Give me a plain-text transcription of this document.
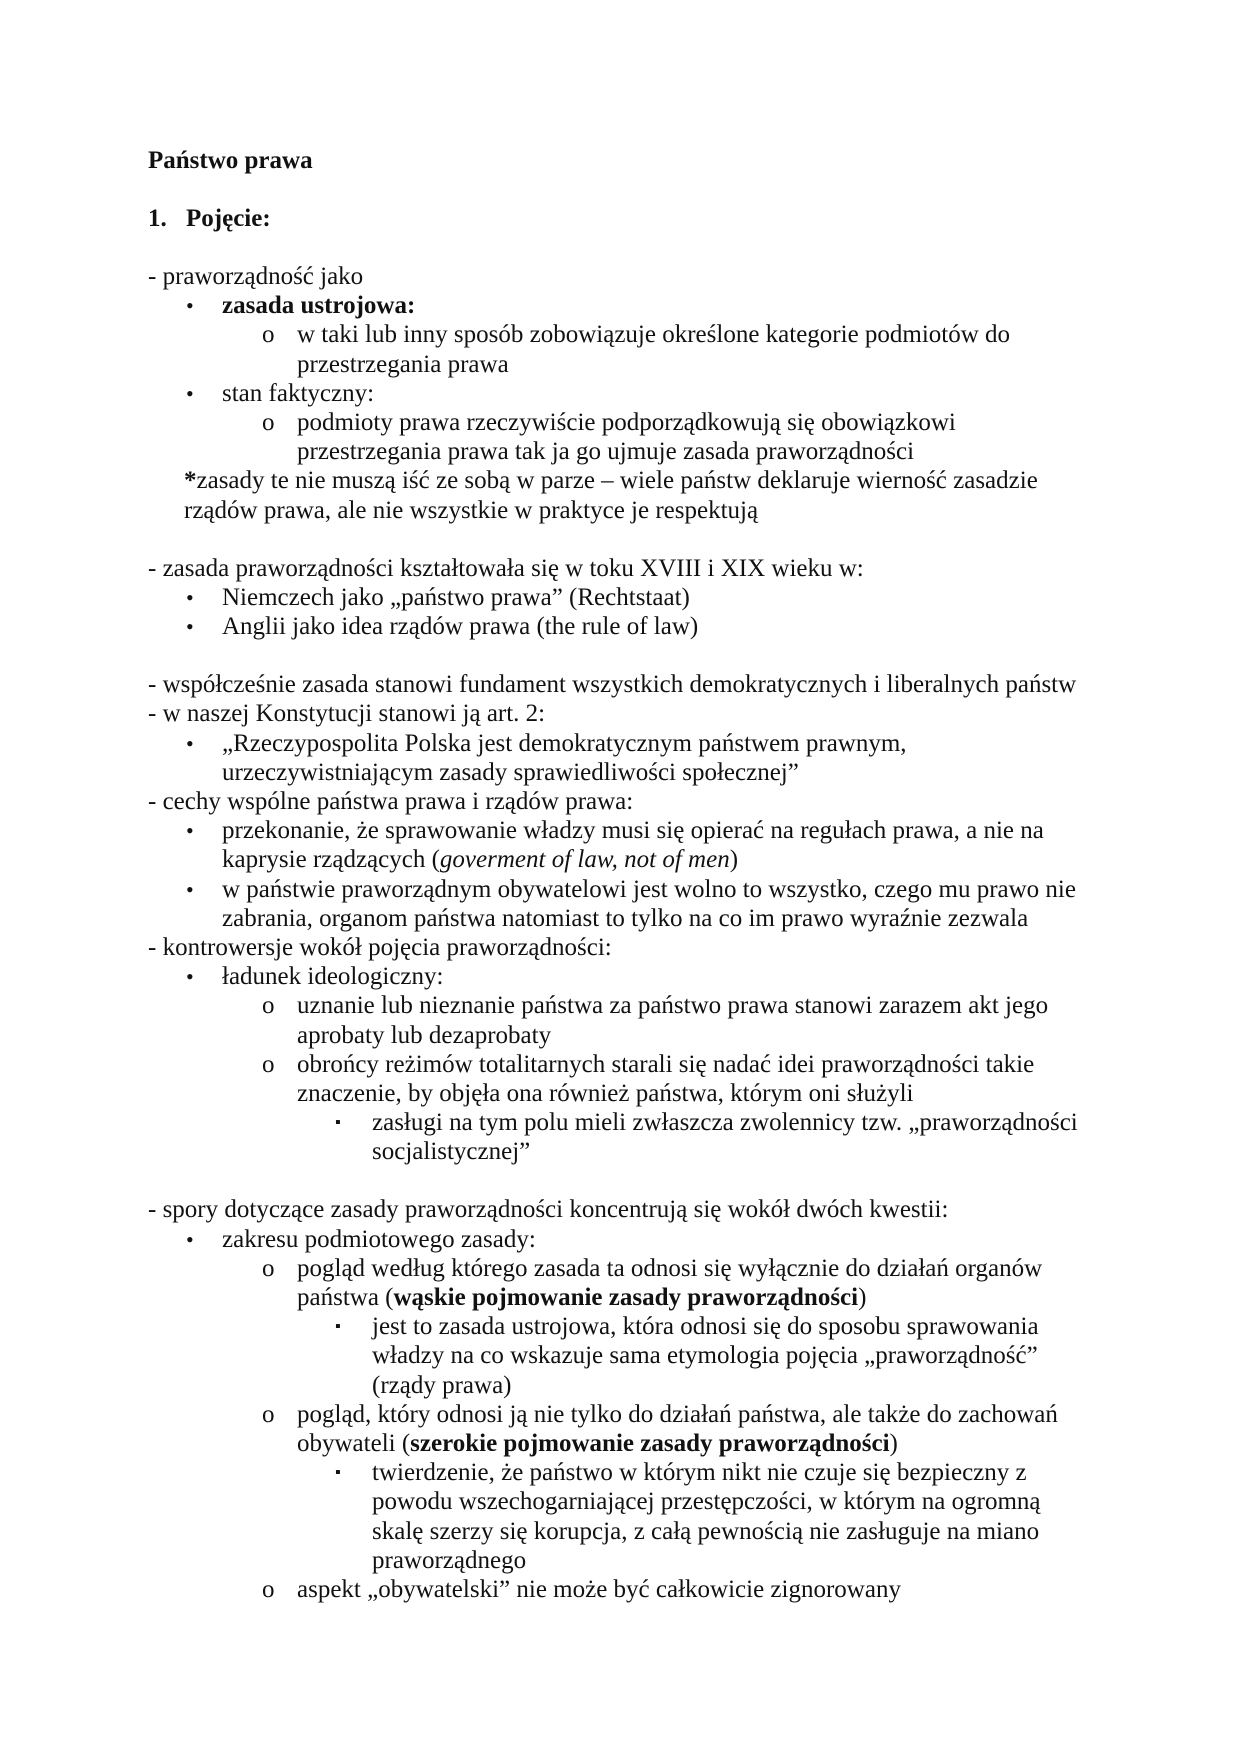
Państwo prawa
1. Pojęcie:
- praworządność jako
• zasada ustrojowa:
o w taki lub inny sposób zobowiązuje określone kategorie podmiotów do
przestrzegania prawa
• stan faktyczny:
o podmioty prawa rzeczywiście podporządkowują się obowiązkowi
przestrzegania prawa tak ja go ujmuje zasada praworządności
*zasady te nie muszą iść ze sobą w parze – wiele państw deklaruje wierność zasadzie
rządów prawa, ale nie wszystkie w praktyce je respektują
- zasada praworządności kształtowała się w toku XVIII i XIX wieku w:
• Niemczech jako „państwo prawa” (Rechtstaat)
• Anglii jako idea rządów prawa (the rule of law)
- współcześnie zasada stanowi fundament wszystkich demokratycznych i liberalnych państw
- w naszej Konstytucji stanowi ją art. 2:
• „Rzeczypospolita Polska jest demokratycznym państwem prawnym,
urzeczywistniającym zasady sprawiedliwości społecznej”
- cechy wspólne państwa prawa i rządów prawa:
• przekonanie, że sprawowanie władzy musi się opierać na regułach prawa, a nie na
kaprysie rządzących (goverment of law, not of men)
• w państwie praworządnym obywatelowi jest wolno to wszystko, czego mu prawo nie
zabrania, organom państwa natomiast to tylko na co im prawo wyraźnie zezwala
- kontrowersje wokół pojęcia praworządności:
• ładunek ideologiczny:
o uznanie lub nieznanie państwa za państwo prawa stanowi zarazem akt jego
aprobaty lub dezaprobaty
o obrońcy reżimów totalitarnych starali się nadać idei praworządności takie
znaczenie, by objęła ona również państwa, którym oni służyli
▪ zasługi na tym polu mieli zwłaszcza zwolennicy tzw. „praworządności
socjalistycznej”
- spory dotyczące zasady praworządności koncentrują się wokół dwóch kwestii:
• zakresu podmiotowego zasady:
o pogląd według którego zasada ta odnosi się wyłącznie do działań organów
państwa (wąskie pojmowanie zasady praworządności)
▪ jest to zasada ustrojowa, która odnosi się do sposobu sprawowania
władzy na co wskazuje sama etymologia pojęcia „praworządność”
(rządy prawa)
o pogląd, który odnosi ją nie tylko do działań państwa, ale także do zachowań
obywateli (szerokie pojmowanie zasady praworządności)
▪ twierdzenie, że państwo w którym nikt nie czuje się bezpieczny z
powodu wszechogarniającej przestępczości, w którym na ogromną
skalę szerzy się korupcja, z całą pewnością nie zasługuje na miano
praworządnego
o aspekt „obywatelski” nie może być całkowicie zignorowany
